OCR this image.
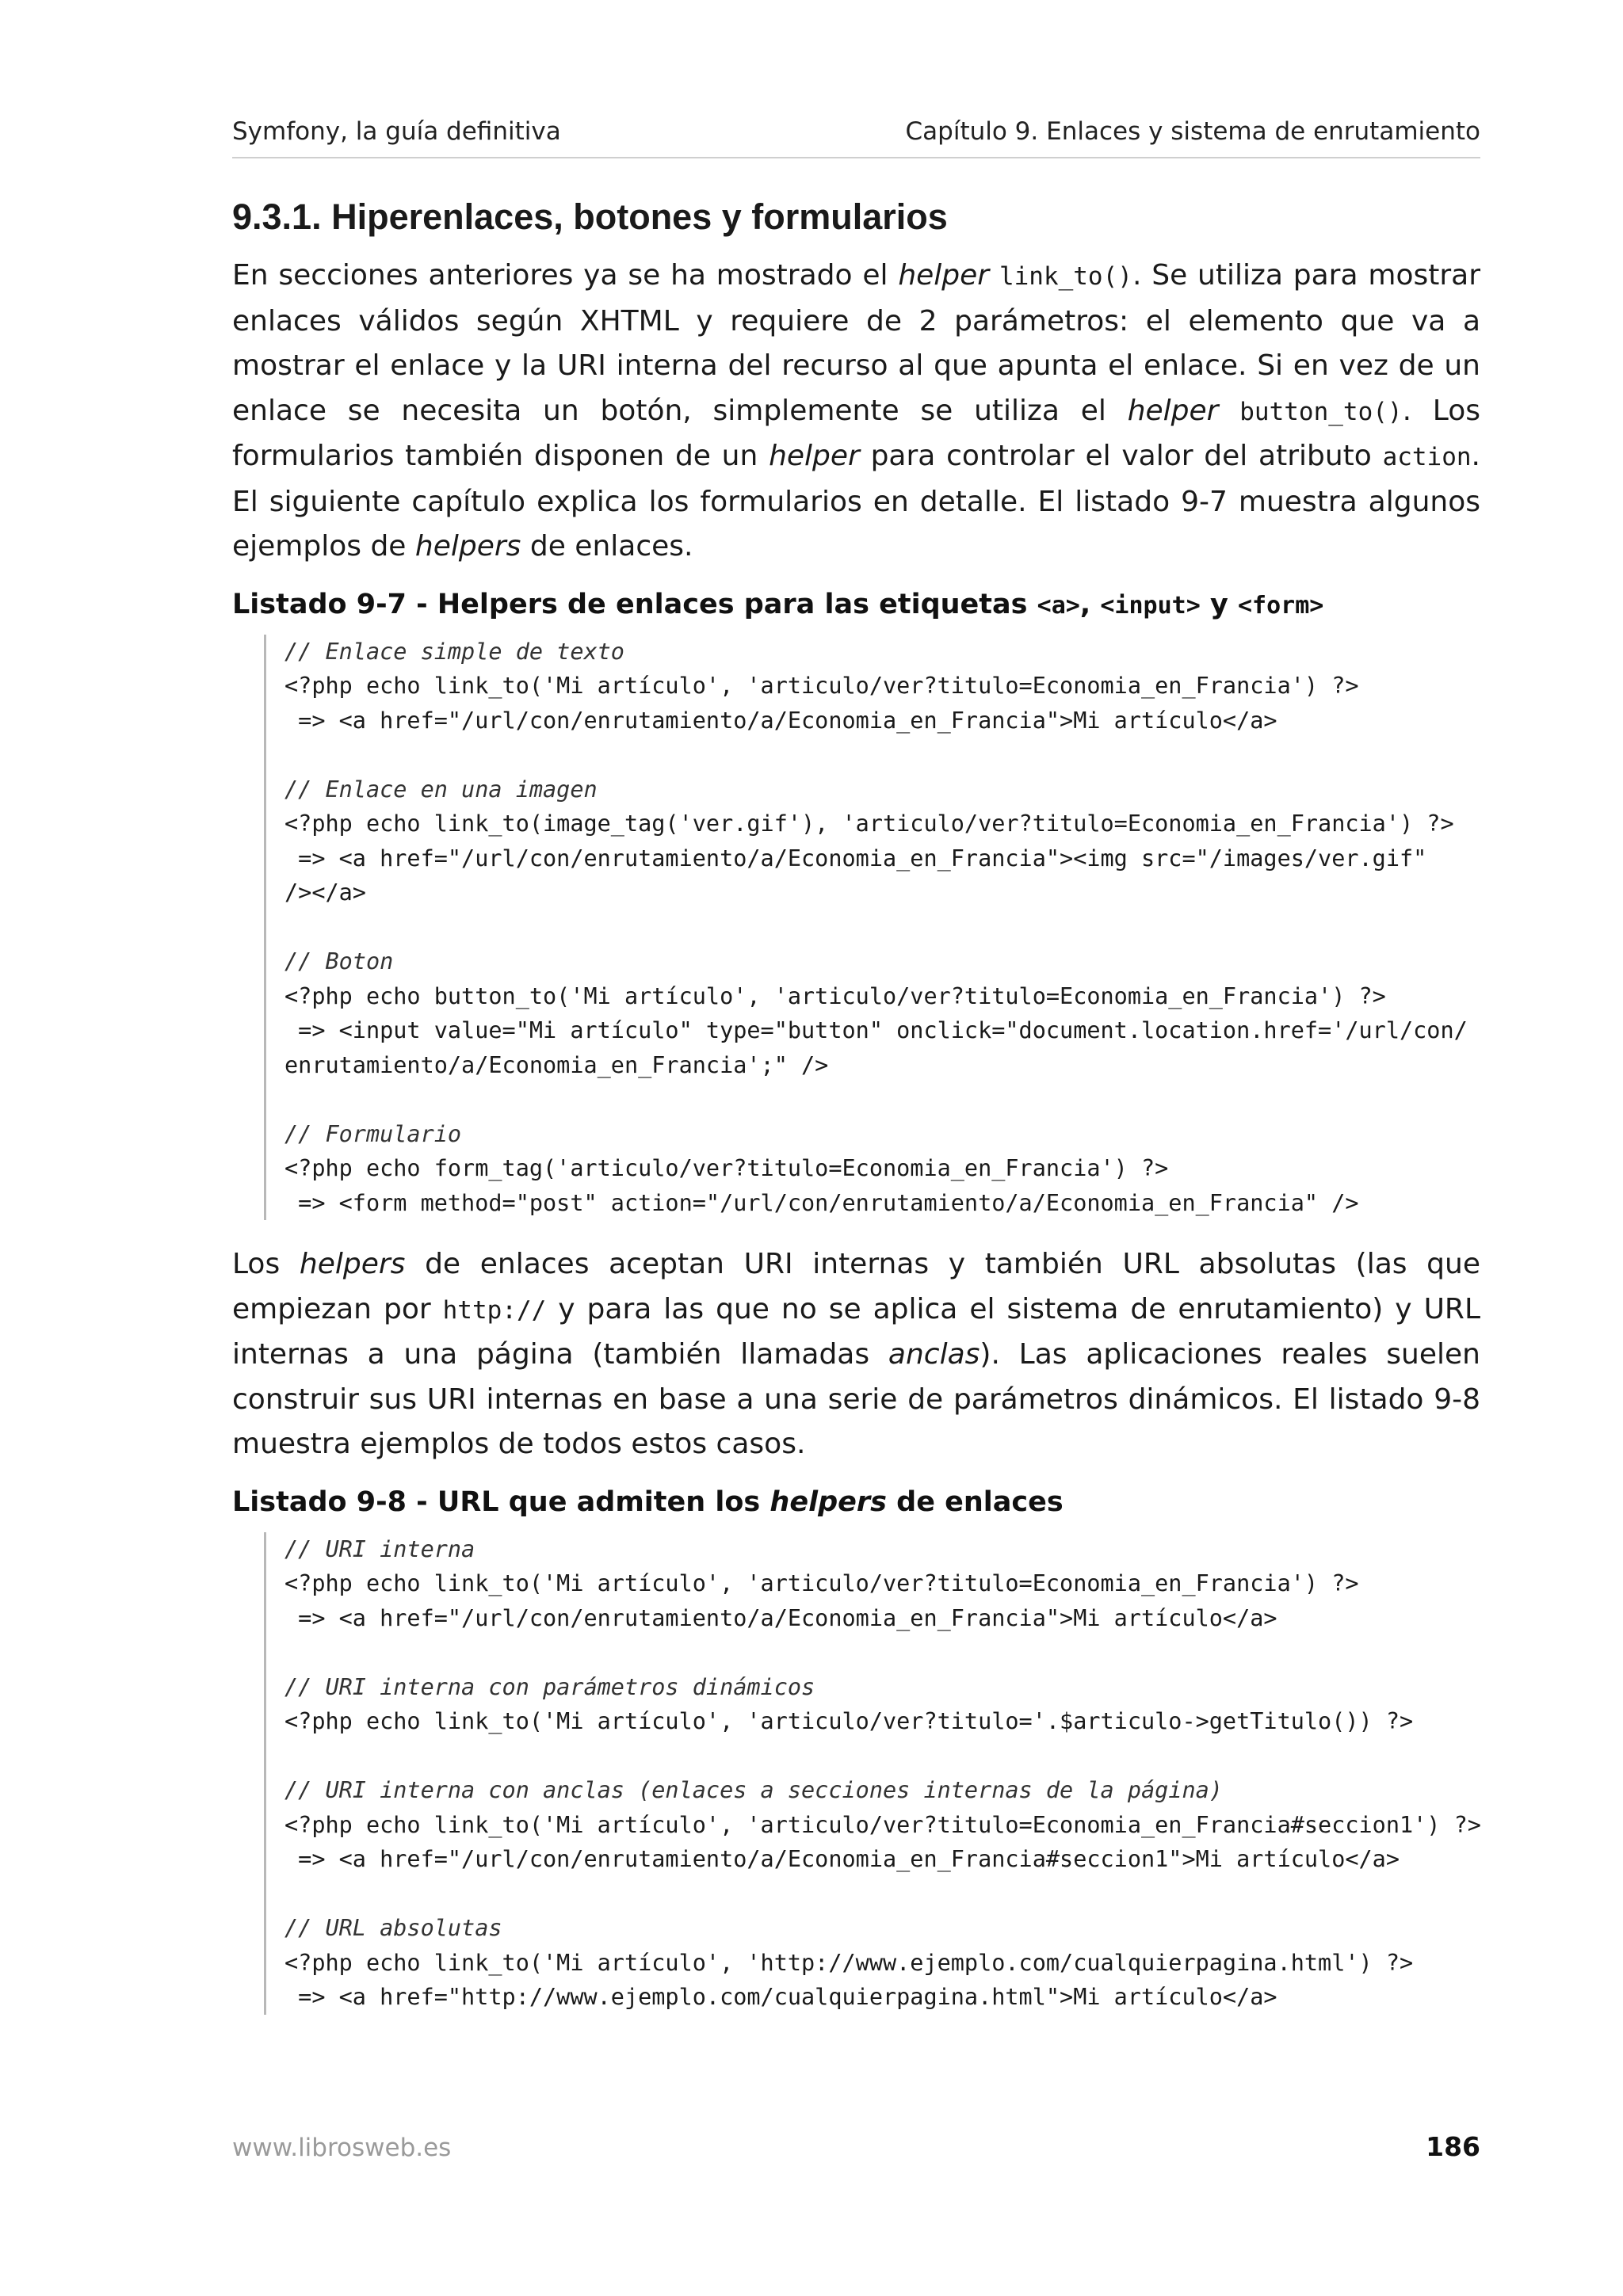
Symfony, la guía definitiva	Capítulo 9. Enlaces y sistema de enrutamiento
9.3.1. Hiperenlaces, botones y formularios

En secciones anteriores ya se ha mostrado el helper link_to(). Se utiliza para mostrar enlaces válidos según XHTML y requiere de 2 parámetros: el elemento que va a mostrar el enlace y la URI interna del recurso al que apunta el enlace. Si en vez de un enlace se necesita un botón, simplemente se utiliza el helper button_to(). Los formularios también disponen de un helper para controlar el valor del atributo action. El siguiente capítulo explica los formularios en detalle. El listado 9-7 muestra algunos ejemplos de helpers de enlaces.

Listado 9-7 - Helpers de enlaces para las etiquetas <a>, <input> y <form>
// Enlace simple de texto
<?php echo link_to('Mi artículo', 'articulo/ver?titulo=Economia_en_Francia') ?>
=> <a href="/url/con/enrutamiento/a/Economia_en_Francia">Mi artículo</a>
// Enlace en una imagen
<?php echo link_to(image_tag('ver.gif'), 'articulo/ver?titulo=Economia_en_Francia') ?>
=> <a href="/url/con/enrutamiento/a/Economia_en_Francia"><img src="/images/ver.gif"
/></a>
// Boton
<?php echo button_to('Mi artículo', 'articulo/ver?titulo=Economia_en_Francia') ?>
=> <input value="Mi artículo" type="button" onclick="document.location.href='/url/con/
enrutamiento/a/Economia_en_Francia';" />
// Formulario
<?php echo form_tag('articulo/ver?titulo=Economia_en_Francia') ?>
=> <form method="post" action="/url/con/enrutamiento/a/Economia_en_Francia" />

Los helpers de enlaces aceptan URI internas y también URL absolutas (las que empiezan por http:// y para las que no se aplica el sistema de enrutamiento) y URL internas a una página (también llamadas anclas). Las aplicaciones reales suelen construir sus URI internas en base a una serie de parámetros dinámicos. El listado 9-8 muestra ejemplos de todos estos casos.

Listado 9-8 - URL que admiten los helpers de enlaces
// URI interna
<?php echo link_to('Mi artículo', 'articulo/ver?titulo=Economia_en_Francia') ?>
=> <a href="/url/con/enrutamiento/a/Economia_en_Francia">Mi artículo</a>
// URI interna con parámetros dinámicos
<?php echo link_to('Mi artículo', 'articulo/ver?titulo='.$articulo->getTitulo()) ?>
// URI interna con anclas (enlaces a secciones internas de la página)
<?php echo link_to('Mi artículo', 'articulo/ver?titulo=Economia_en_Francia#seccion1') ?>
=> <a href="/url/con/enrutamiento/a/Economia_en_Francia#seccion1">Mi artículo</a>
// URL absolutas
<?php echo link_to('Mi artículo', 'http://www.ejemplo.com/cualquierpagina.html') ?>
=> <a href="http://www.ejemplo.com/cualquierpagina.html">Mi artículo</a>
www.librosweb.es	186
